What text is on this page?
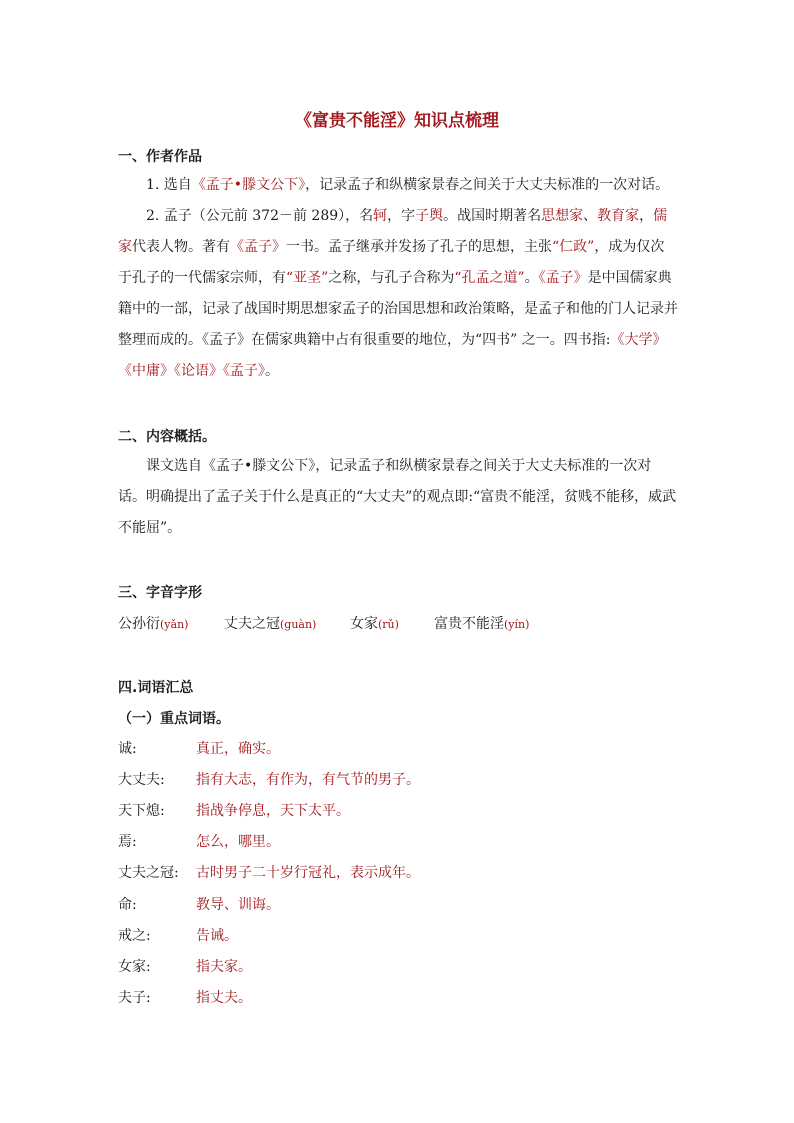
《富贵不能淫》知识点梳理
一、作者作品
1. 选自《孟子•滕文公下》，记录孟子和纵横家景春之间关于大丈夫标准的一次对话。
2. 孟子（公元前 372－前 289），名轲，字子舆。战国时期著名思想家、教育家，儒家代表人物。著有《孟子》一书。孟子继承并发扬了孔子的思想，主张“仁政”，成为仅次于孔子的一代儒家宗师，有“亚圣”之称，与孔子合称为“孔孟之道”。《孟子》是中国儒家典籍中的一部，记录了战国时期思想家孟子的治国思想和政治策略，是孟子和他的门人记录并整理而成的。《孟子》在儒家典籍中占有很重要的地位，为“四书” 之一。四书指:《大学》《中庸》《论语》《孟子》。
二、内容概括。
课文选自《孟子•滕文公下》，记录孟子和纵横家景春之间关于大丈夫标准的一次对话。明确提出了孟子关于什么是真正的“大丈夫”的观点即:“富贵不能淫，贫贱不能移，威武不能屈”。
三、字音字形
公孙衍(yǎn)	丈夫之冠(guàn) 女家(rǔ)	富贵不能淫(yín)
四.词语汇总
（一）重点词语。
诚:	真正，确实。
大丈夫: 指有大志，有作为，有气节的男子。
天下熄: 指战争停息，天下太平。
焉:	怎么，哪里。
丈夫之冠: 古时男子二十岁行冠礼，表示成年。
命:	教导、训诲。
戒之:	告诫。
女家:	指夫家。
夫子:	指丈夫。
